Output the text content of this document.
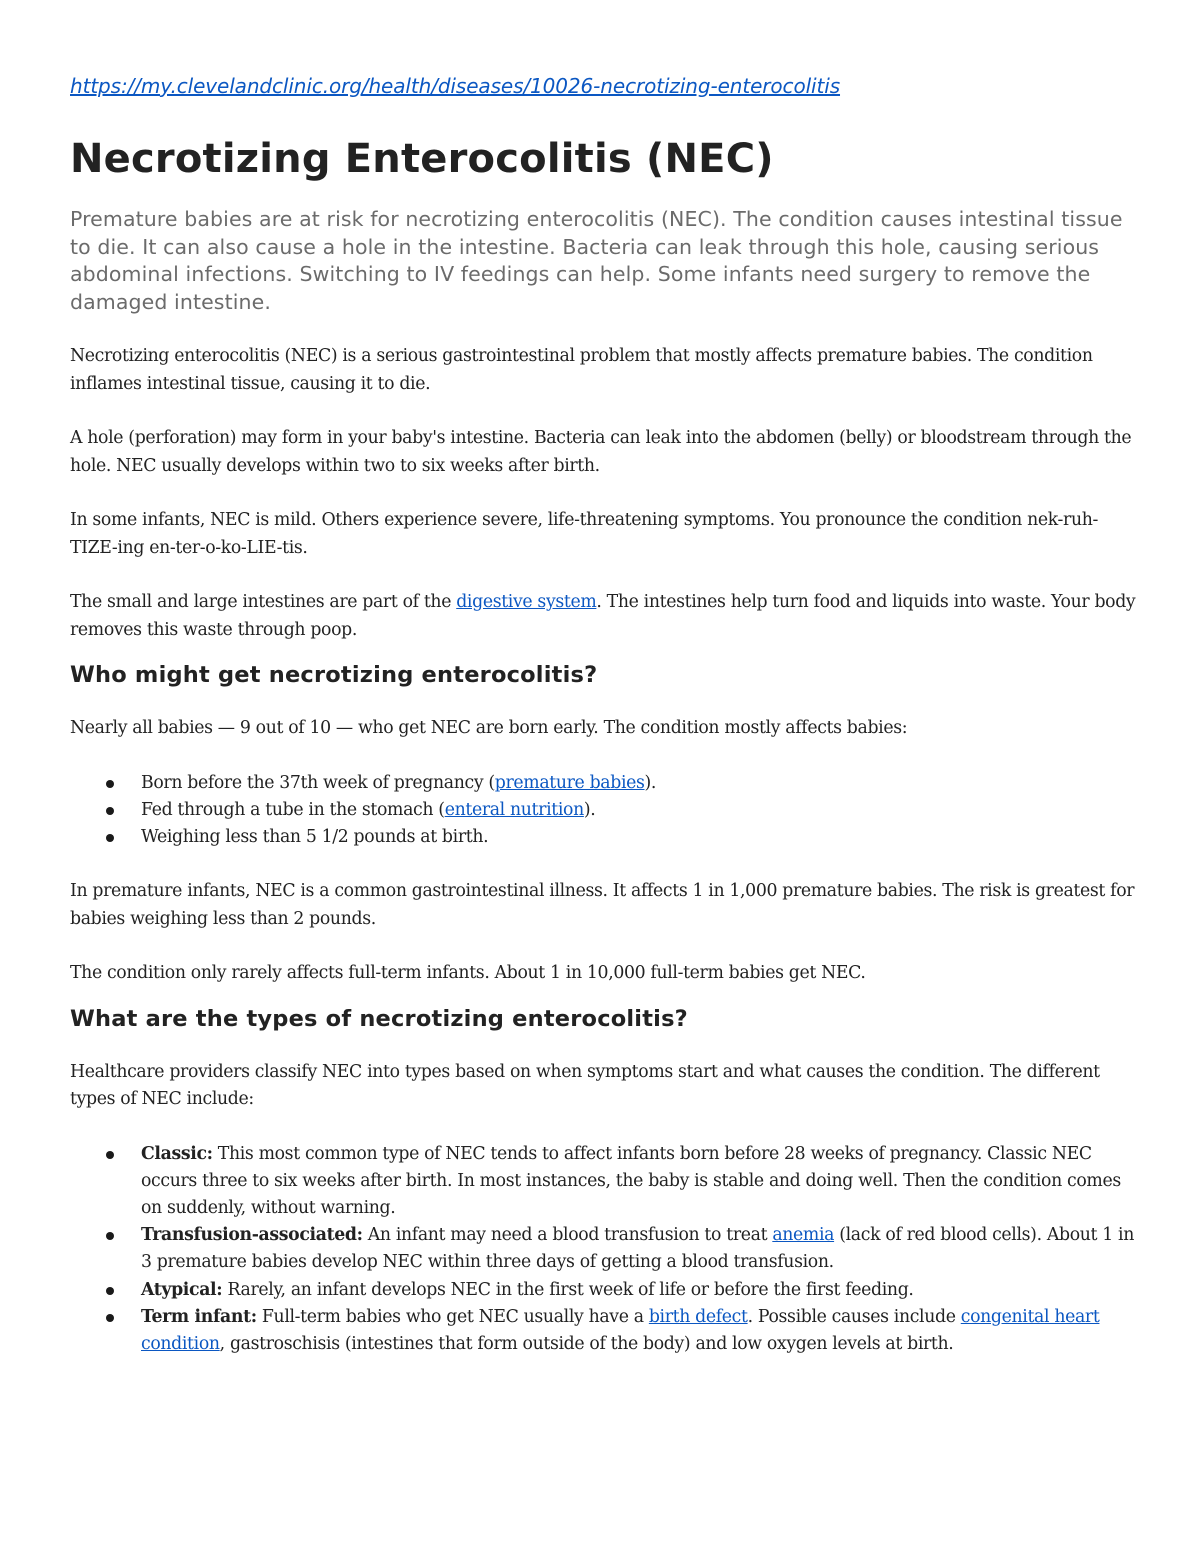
https://my.clevelandclinic.org/health/diseases/10026-necrotizing-enterocolitis
Necrotizing Enterocolitis (NEC)

Premature babies are at risk for necrotizing enterocolitis (NEC). The condition causes intestinal tissue to die. It can also cause a hole in the intestine. Bacteria can leak through this hole, causing serious abdominal infections. Switching to IV feedings can help. Some infants need surgery to remove the damaged intestine.

Necrotizing enterocolitis (NEC) is a serious gastrointestinal problem that mostly affects premature babies. The condition inflames intestinal tissue, causing it to die.

A hole (perforation) may form in your baby's intestine. Bacteria can leak into the abdomen (belly) or bloodstream through the hole. NEC usually develops within two to six weeks after birth.

In some infants, NEC is mild. Others experience severe, life-threatening symptoms. You pronounce the condition nek-ruh-TIZE-ing en-ter-o-ko-LIE-tis.

The small and large intestines are part of the digestive system. The intestines help turn food and liquids into waste. Your body removes this waste through poop.

Who might get necrotizing enterocolitis?

Nearly all babies — 9 out of 10 — who get NEC are born early. The condition mostly affects babies:

Born before the 37th week of pregnancy (premature babies).
Fed through a tube in the stomach (enteral nutrition).
Weighing less than 5 1/2 pounds at birth.

In premature infants, NEC is a common gastrointestinal illness. It affects 1 in 1,000 premature babies. The risk is greatest for babies weighing less than 2 pounds.

The condition only rarely affects full-term infants. About 1 in 10,000 full-term babies get NEC.

What are the types of necrotizing enterocolitis?

Healthcare providers classify NEC into types based on when symptoms start and what causes the condition. The different types of NEC include:

Classic: This most common type of NEC tends to affect infants born before 28 weeks of pregnancy. Classic NEC occurs three to six weeks after birth. In most instances, the baby is stable and doing well. Then the condition comes on suddenly, without warning.
Transfusion-associated: An infant may need a blood transfusion to treat anemia (lack of red blood cells). About 1 in 3 premature babies develop NEC within three days of getting a blood transfusion.
Atypical: Rarely, an infant develops NEC in the first week of life or before the first feeding.
Term infant: Full-term babies who get NEC usually have a birth defect. Possible causes include congenital heart condition, gastroschisis (intestines that form outside of the body) and low oxygen levels at birth.
